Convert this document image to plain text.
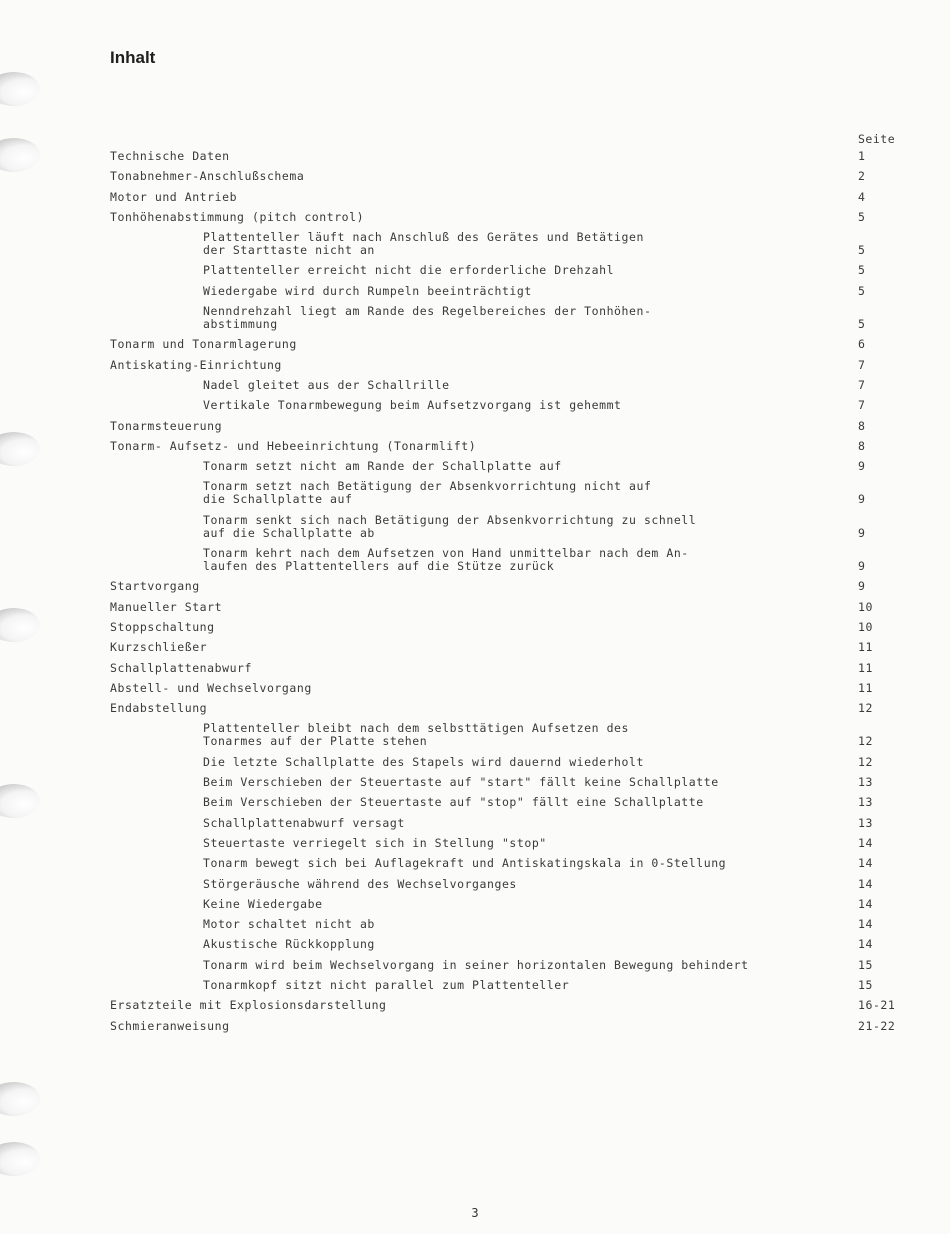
Inhalt
Seite
Technische Daten	1
Tonabnehmer-Anschlußschema	2
Motor und Antrieb	4
Tonhöhenabstimmung (pitch control)	5
Plattenteller läuft nach Anschluß des Gerätes und Betätigen
der Starttaste nicht an	5
Plattenteller erreicht nicht die erforderliche Drehzahl	5
Wiedergabe wird durch Rumpeln beeinträchtigt	5
Nenndrehzahl liegt am Rande des Regelbereiches der Tonhöhen-
abstimmung	5
Tonarm und Tonarmlagerung	6
Antiskating-Einrichtung	7
Nadel gleitet aus der Schallrille	7
Vertikale Tonarmbewegung beim Aufsetzvorgang ist gehemmt	7
Tonarmsteuerung	8
Tonarm- Aufsetz- und Hebeeinrichtung (Tonarmlift)	8
Tonarm setzt nicht am Rande der Schallplatte auf	9
Tonarm setzt nach Betätigung der Absenkvorrichtung nicht auf
die Schallplatte auf	9
Tonarm senkt sich nach Betätigung der Absenkvorrichtung zu schnell
auf die Schallplatte ab	9
Tonarm kehrt nach dem Aufsetzen von Hand unmittelbar nach dem An-
laufen des Plattentellers auf die Stütze zurück	9
Startvorgang	9
Manueller Start	10
Stoppschaltung	10
Kurzschließer	11
Schallplattenabwurf	11
Abstell- und Wechselvorgang	11
Endabstellung	12
Plattenteller bleibt nach dem selbsttätigen Aufsetzen des
Tonarmes auf der Platte stehen	12
Die letzte Schallplatte des Stapels wird dauernd wiederholt	12
Beim Verschieben der Steuertaste auf "start" fällt keine Schallplatte	13
Beim Verschieben der Steuertaste auf "stop" fällt eine Schallplatte	13
Schallplattenabwurf versagt	13
Steuertaste verriegelt sich in Stellung "stop"	14
Tonarm bewegt sich bei Auflagekraft und Antiskatingskala in 0-Stellung	14
Störgeräusche während des Wechselvorganges	14
Keine Wiedergabe	14
Motor schaltet nicht ab	14
Akustische Rückkopplung	14
Tonarm wird beim Wechselvorgang in seiner horizontalen Bewegung behindert	15
Tonarmkopf sitzt nicht parallel zum Plattenteller	15
Ersatzteile mit Explosionsdarstellung	16-21
Schmieranweisung	21-22
3
